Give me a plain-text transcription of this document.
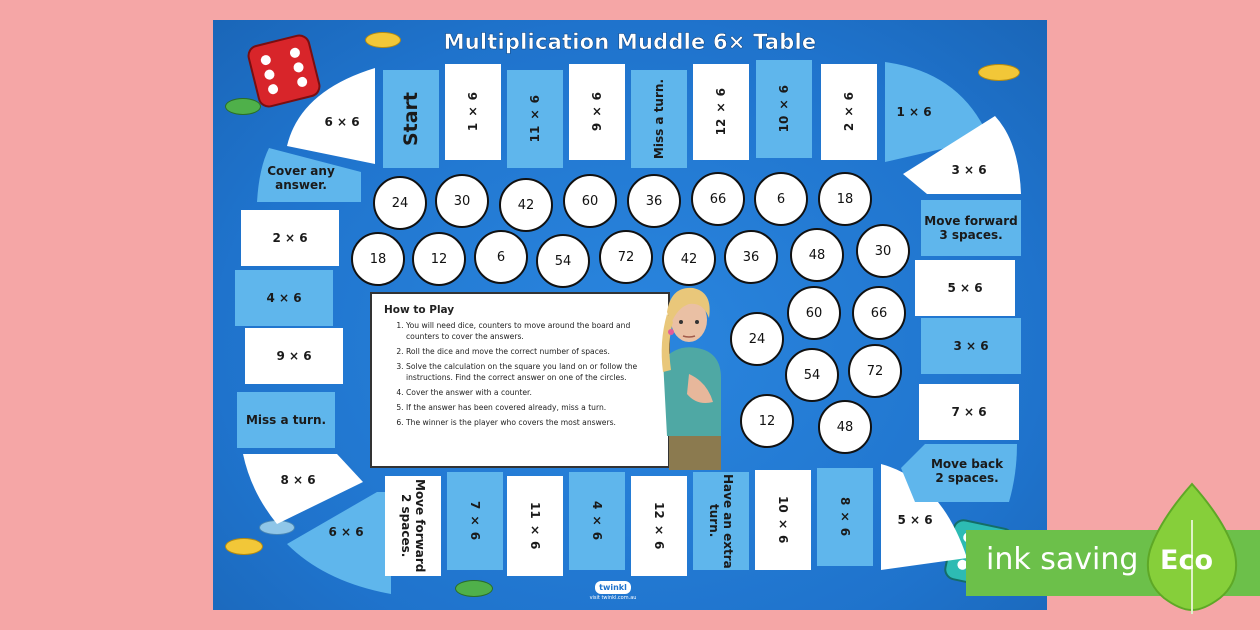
Multiplication Muddle 6× Table
6 × 6	Start	1 × 6	11 × 6	9 × 6	Miss a turn.	12 × 6	10 × 6	2 × 6	1 × 6
3 × 6
Cover any answer.
2 × 6
4 × 6
9 × 6
Miss a turn.
8 × 6
6 × 6	Move forward 2 spaces.	7 × 6	11 × 6	4 × 6	12 × 6	Have an extra turn.	10 × 6	8 × 6	5 × 6
Move forward 3 spaces.
5 × 6
3 × 6
7 × 6
Move back 2 spaces.
24	30	42	60	36	66	6	18
18	12	6	54	72	42	36	48	30
60	66
24
54	72
12	48
How to Play
1. You will need dice, counters to move around the board and counters to cover the answers.
2. Roll the dice and move the correct number of spaces.
3. Solve the calculation on the square you land on or follow the instructions. Find the correct answer on one of the circles.
4. Cover the answer with a counter.
5. If the answer has been covered already, miss a turn.
6. The winner is the player who covers the most answers.
twinkl
visit twinkl.com.au
ink saving Eco
